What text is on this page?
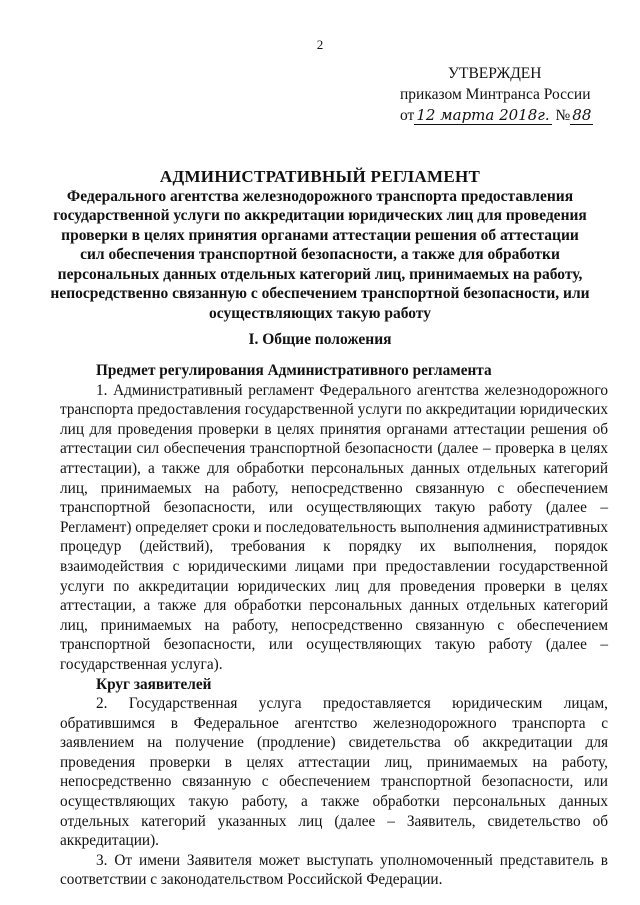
2
УТВЕРЖДЕН
приказом Минтранса России
от 12 марта 2018г. № 88
АДМИНИСТРАТИВНЫЙ РЕГЛАМЕНТ
Федерального агентства железнодорожного транспорта предоставления государственной услуги по аккредитации юридических лиц для проведения проверки в целях принятия органами аттестации решения об аттестации сил обеспечения транспортной безопасности, а также для обработки персональных данных отдельных категорий лиц, принимаемых на работу, непосредственно связанную с обеспечением транспортной безопасности, или осуществляющих такую работу
I. Общие положения

Предмет регулирования Административного регламента

1. Административный регламент Федерального агентства железнодорожного транспорта предоставления государственной услуги по аккредитации юридических лиц для проведения проверки в целях принятия органами аттестации решения об аттестации сил обеспечения транспортной безопасности (далее – проверка в целях аттестации), а также для обработки персональных данных отдельных категорий лиц, принимаемых на работу, непосредственно связанную с обеспечением транспортной безопасности, или осуществляющих такую работу (далее – Регламент) определяет сроки и последовательность выполнения административных процедур (действий), требования к порядку их выполнения, порядок взаимодействия с юридическими лицами при предоставлении государственной услуги по аккредитации юридических лиц для проведения проверки в целях аттестации, а также для обработки персональных данных отдельных категорий лиц, принимаемых на работу, непосредственно связанную с обеспечением транспортной безопасности, или осуществляющих такую работу (далее – государственная услуга).

Круг заявителей

2. Государственная услуга предоставляется юридическим лицам, обратившимся в Федеральное агентство железнодорожного транспорта с заявлением на получение (продление) свидетельства об аккредитации для проведения проверки в целях аттестации лиц, принимаемых на работу, непосредственно связанную с обеспечением транспортной безопасности, или осуществляющих такую работу, а также обработки персональных данных отдельных категорий указанных лиц (далее – Заявитель, свидетельство об аккредитации).

3. От имени Заявителя может выступать уполномоченный представитель в соответствии с законодательством Российской Федерации.
